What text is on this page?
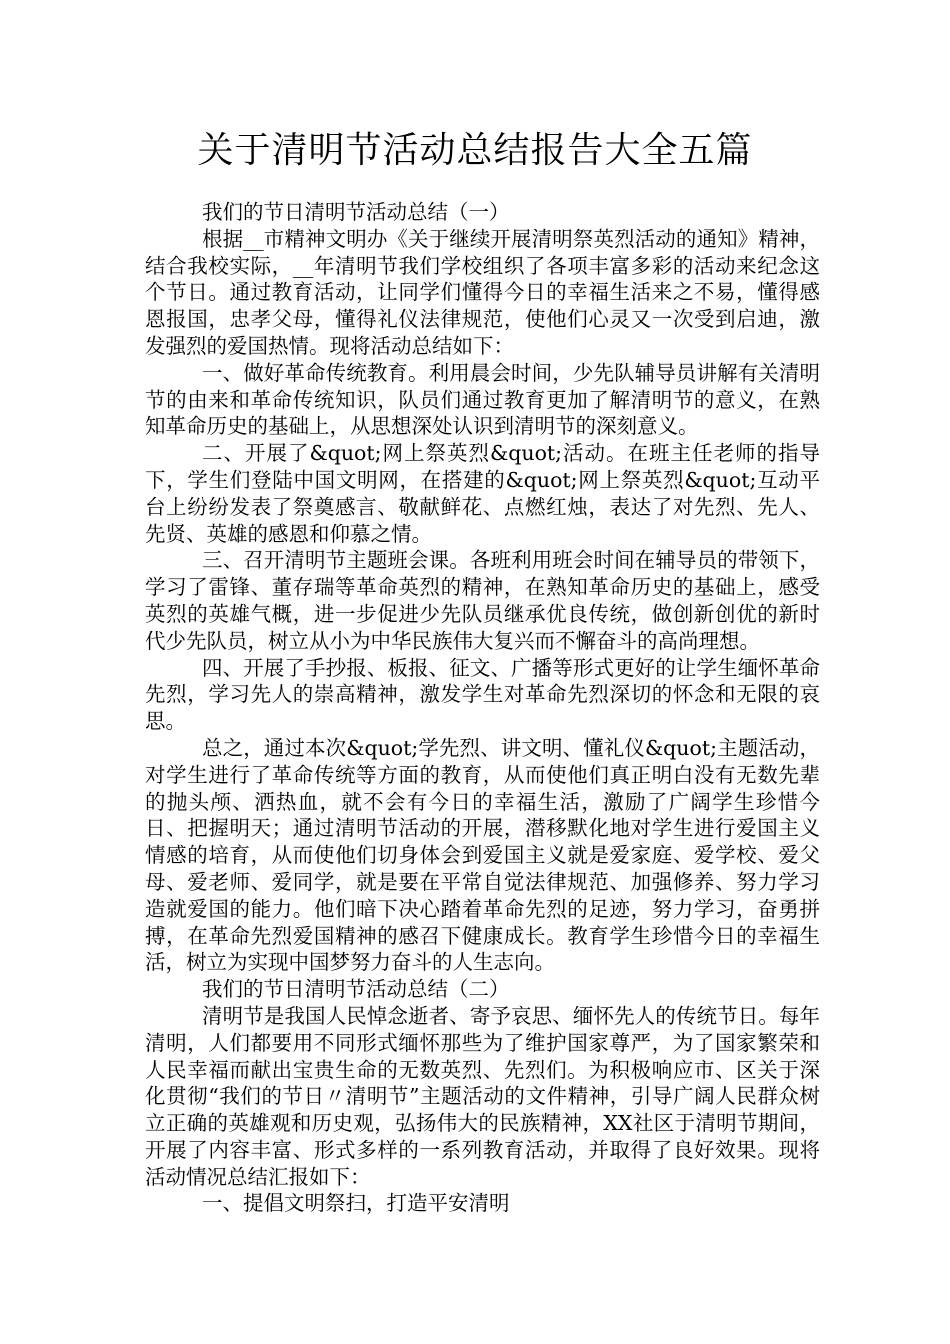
关于清明节活动总结报告大全五篇

我们的节日清明节活动总结（一）

根据__市精神文明办《关于继续开展清明祭英烈活动的通知》精神，结合我校实际，__年清明节我们学校组织了各项丰富多彩的活动来纪念这个节日。通过教育活动，让同学们懂得今日的幸福生活来之不易，懂得感恩报国，忠孝父母，懂得礼仪法律规范，使他们心灵又一次受到启迪，激发强烈的爱国热情。现将活动总结如下：

一、做好革命传统教育。利用晨会时间，少先队辅导员讲解有关清明节的由来和革命传统知识，队员们通过教育更加了解清明节的意义，在熟知革命历史的基础上，从思想深处认识到清明节的深刻意义。

二、开展了&quot;网上祭英烈&quot;活动。在班主任老师的指导下，学生们登陆中国文明网，在搭建的&quot;网上祭英烈&quot;互动平台上纷纷发表了祭奠感言、敬献鲜花、点燃红烛，表达了对先烈、先人、先贤、英雄的感恩和仰慕之情。

三、召开清明节主题班会课。各班利用班会时间在辅导员的带领下，学习了雷锋、董存瑞等革命英烈的精神，在熟知革命历史的基础上，感受英烈的英雄气概，进一步促进少先队员继承优良传统，做创新创优的新时代少先队员，树立从小为中华民族伟大复兴而不懈奋斗的高尚理想。

四、开展了手抄报、板报、征文、广播等形式更好的让学生缅怀革命先烈，学习先人的崇高精神，激发学生对革命先烈深切的怀念和无限的哀思。

总之，通过本次&quot;学先烈、讲文明、懂礼仪&quot;主题活动，对学生进行了革命传统等方面的教育，从而使他们真正明白没有无数先辈的抛头颅、洒热血，就不会有今日的幸福生活，激励了广阔学生珍惜今日、把握明天；通过清明节活动的开展，潜移默化地对学生进行爱国主义情感的培育，从而使他们切身体会到爱国主义就是爱家庭、爱学校、爱父母、爱老师、爱同学，就是要在平常自觉法律规范、加强修养、努力学习造就爱国的能力。他们暗下决心踏着革命先烈的足迹，努力学习，奋勇拼搏，在革命先烈爱国精神的感召下健康成长。教育学生珍惜今日的幸福生活，树立为实现中国梦努力奋斗的人生志向。

我们的节日清明节活动总结（二）

清明节是我国人民悼念逝者、寄予哀思、缅怀先人的传统节日。每年清明，人们都要用不同形式缅怀那些为了维护国家尊严，为了国家繁荣和人民幸福而献出宝贵生命的无数英烈、先烈们。为积极响应市、区关于深化贯彻“我们的节日〃清明节”主题活动的文件精神，引导广阔人民群众树立正确的英雄观和历史观，弘扬伟大的民族精神，XX社区于清明节期间，开展了内容丰富、形式多样的一系列教育活动，并取得了良好效果。现将活动情况总结汇报如下：

一、提倡文明祭扫，打造平安清明
